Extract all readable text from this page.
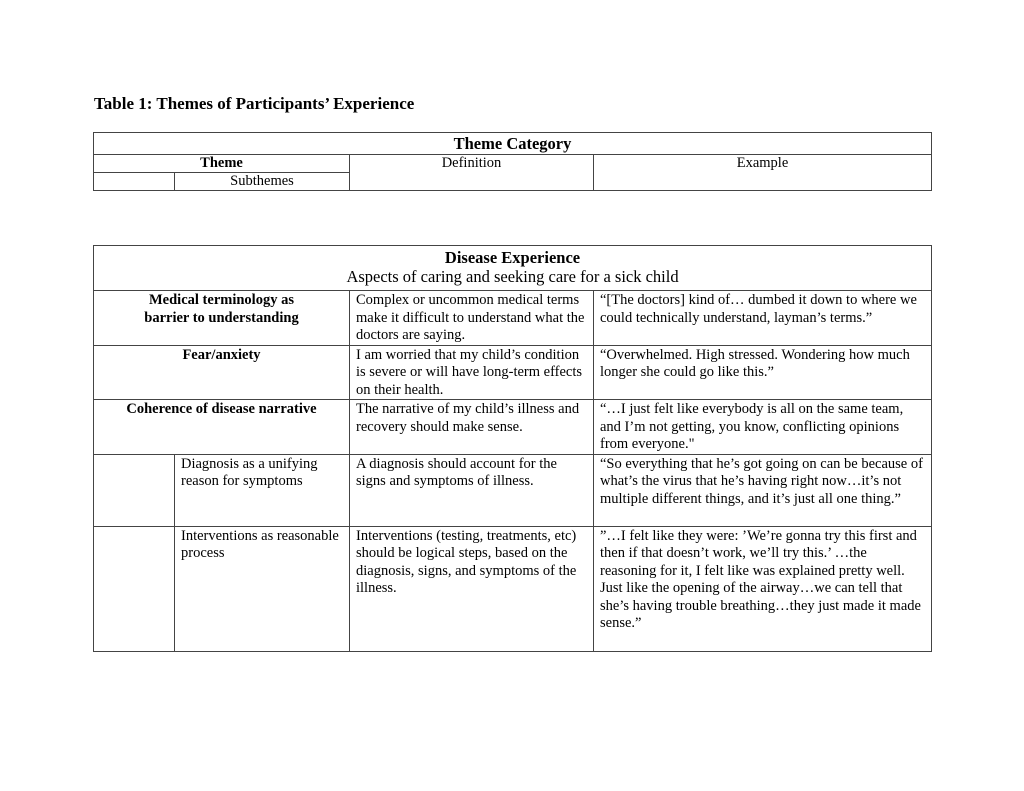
Table 1: Themes of Participants’ Experience
Theme Category			
Theme		Definition	Example
	Subthemes		
Disease Experience
Aspects of caring and seeking care for a sick child			

Medical terminology as barrier to understanding		Complex or uncommon medical terms make it difficult to understand what the doctors are saying.	“[The doctors] kind of… dumbed it down to where we could technically understand, layman’s terms.”
Fear/anxiety		I am worried that my child’s condition is severe or will have long-term effects on their health.	“Overwhelmed. High stressed. Wondering how much longer she could go like this.”
Coherence of disease narrative		The narrative of my child’s illness and recovery should make sense.	“…I just felt like everybody is all on the same team, and I’m not getting, you know, conflicting opinions from everyone."
	Diagnosis as a unifying reason for symptoms	A diagnosis should account for the signs and symptoms of illness.	“So everything that he’s got going on can be because of what’s the virus that he’s having right now…it’s not multiple different things, and it’s just all one thing.”
	Interventions as reasonable process	Interventions (testing, treatments, etc) should be logical steps, based on the diagnosis, signs, and symptoms of the illness.	”…I felt like they were: ’We’re gonna try this first and then if that doesn’t work, we’ll try this.’ …the reasoning for it, I felt like was explained pretty well. Just like the opening of the airway…we can tell that she’s having trouble breathing…they just made it made sense.”
